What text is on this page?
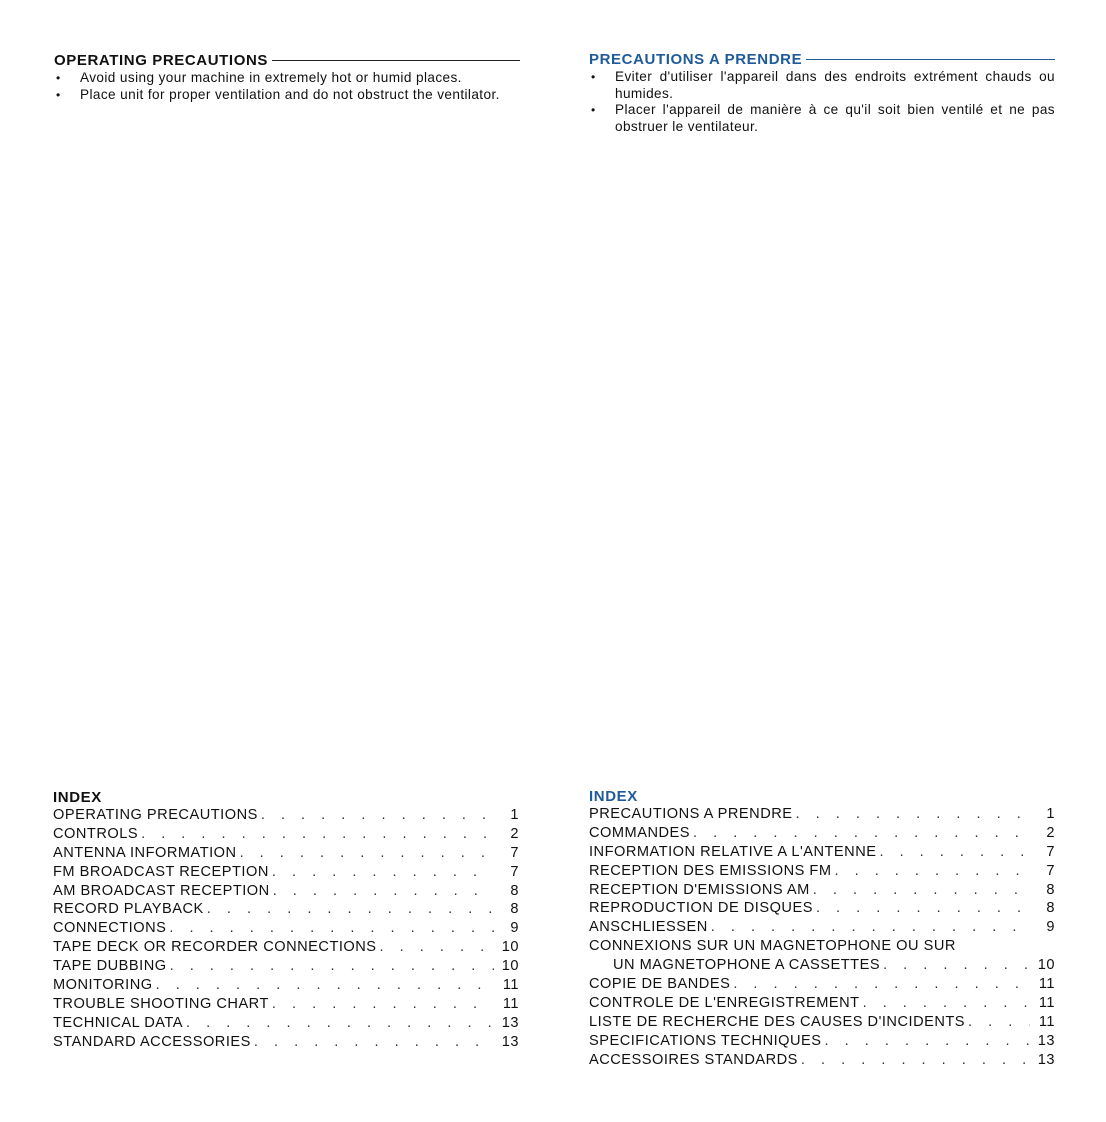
OPERATING PRECAUTIONS
• Avoid using your machine in extremely hot or humid places.
• Place unit for proper ventilation and do not obstruct the ventilator.
PRECAUTIONS A PRENDRE
• Eviter d'utiliser l'appareil dans des endroits extrément chauds ou humides.
• Placer l'appareil de manière à ce qu'il soit bien ventilé et ne pas obstruer le ventilateur.
INDEX
OPERATING PRECAUTIONS . . .	1
CONTROLS . . .	2
ANTENNA INFORMATION . . .	7
FM BROADCAST RECEPTION . . .	7
AM BROADCAST RECEPTION . . .	8
RECORD PLAYBACK . . .	8
CONNECTIONS . . .	9
TAPE DECK OR RECORDER CONNECTIONS . . .	10
TAPE DUBBING . . .	10
MONITORING . . .	11
TROUBLE SHOOTING CHART . . .	11
TECHNICAL DATA . . .	13
STANDARD ACCESSORIES . . .	13
INDEX
PRECAUTIONS A PRENDRE . . .	1
COMMANDES . . .	2
INFORMATION RELATIVE A L'ANTENNE . . .	7
RECEPTION DES EMISSIONS FM . . .	7
RECEPTION D'EMISSIONS AM . . .	8
REPRODUCTION DE DISQUES . . .	8
ANSCHLIESSEN . . .	9
CONNEXIONS SUR UN MAGNETOPHONE OU SUR
UN MAGNETOPHONE A CASSETTES . . .	10
COPIE DE BANDES . . .	11
CONTROLE DE L'ENREGISTREMENT . . .	11
LISTE DE RECHERCHE DES CAUSES D'INCIDENTS . . .	11
SPECIFICATIONS TECHNIQUES . . .	13
ACCESSOIRES STANDARDS . . .	13
